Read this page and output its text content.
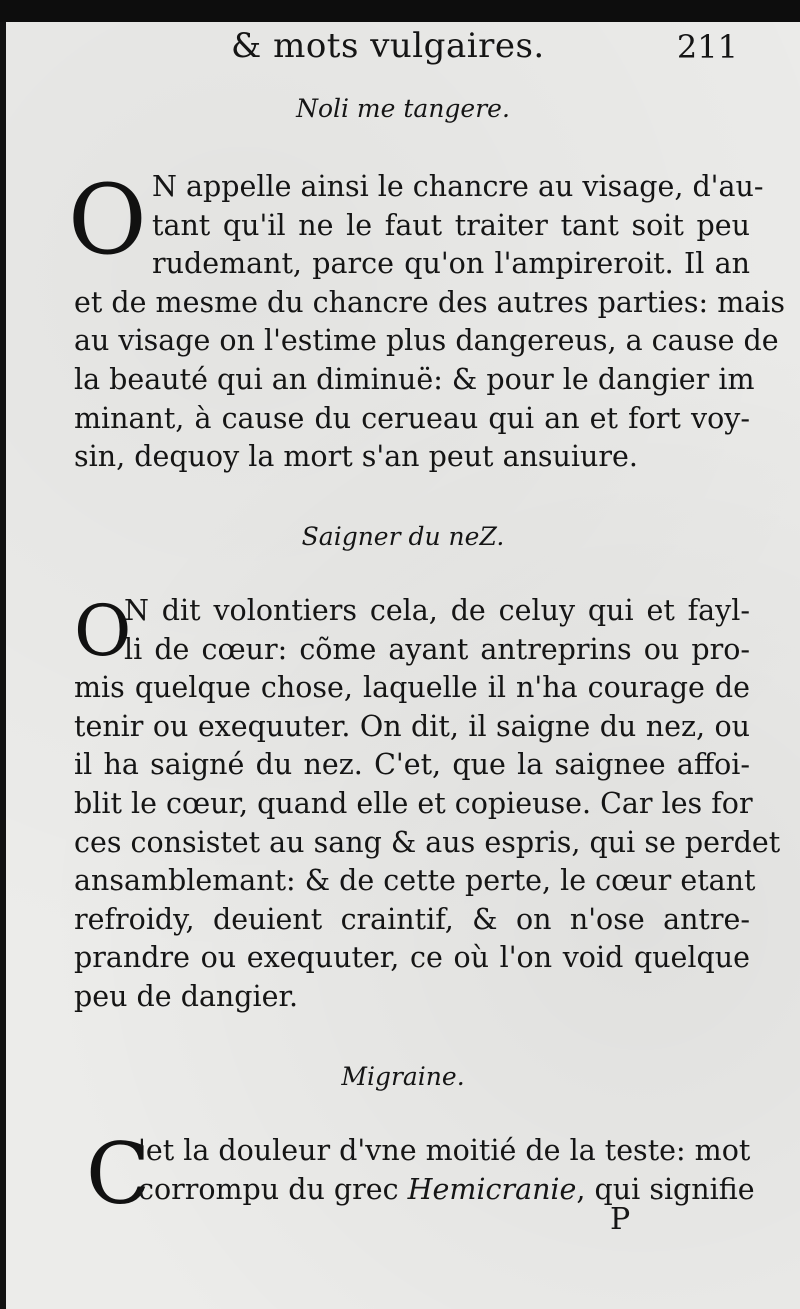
& mots vulgaires.	211
Noli me tangere.
O N appelle ainsi le chancre au visage, d'au-
tant qu'il ne le faut traiter tant soit peu
rudemant, parce qu'on l'ampireroit. Il an
et de mesme du chancre des autres parties: mais
au visage on l'estime plus dangereus, a cause de
la beauté qui an diminuë: & pour le dangier im
minant, à cause du cerueau qui an et fort voy-
sin, dequoy la mort s'an peut ansuiure.
Saigner du neZ.
O
N dit volontiers cela, de celuy qui et fayl-
li de cœur: cõme ayant antreprins ou pro-
mis quelque chose, laquelle il n'ha courage de
tenir ou exequuter. On dit, il saigne du nez, ou
il ha saigné du nez. C'et, que la saignee affoi-
blit le cœur, quand elle et copieuse. Car les for
ces consistet au sang & aus espris, qui se perdet
ansamblemant: & de cette perte, le cœur etant
refroidy, deuient craintif, & on n'ose antre-
prandre ou exequuter, ce où l'on void quelque
peu de dangier.
Migraine.
C
'et la douleur d'vne moitié de la teste: mot
corrompu du grec Hemicranie, qui signifie
P
